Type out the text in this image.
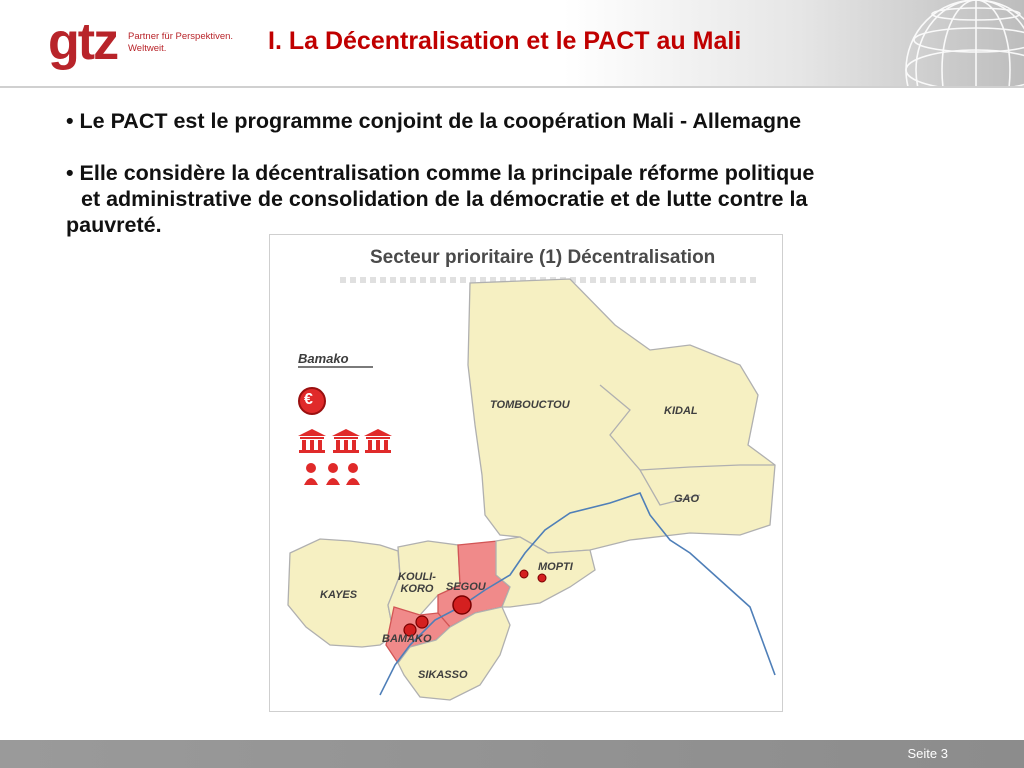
gtz Partner für Perspektiven.
Weltweit.	I. La Décentralisation et le PACT au Mali

• Le PACT est le programme conjoint de la coopération Mali - Allemagne

• Elle considère la décentralisation comme la principale réforme politique
et administrative de consolidation de la démocratie et de lutte contre la
pauvreté.
Secteur prioritaire (1) Décentralisation
Bamako
€	TOMBOUCTOU	KIDAL
GAO
MOPTI
SEGOU
KOULI-
KORO
KAYES
BAMAKO
SIKASSO
Seite 3
